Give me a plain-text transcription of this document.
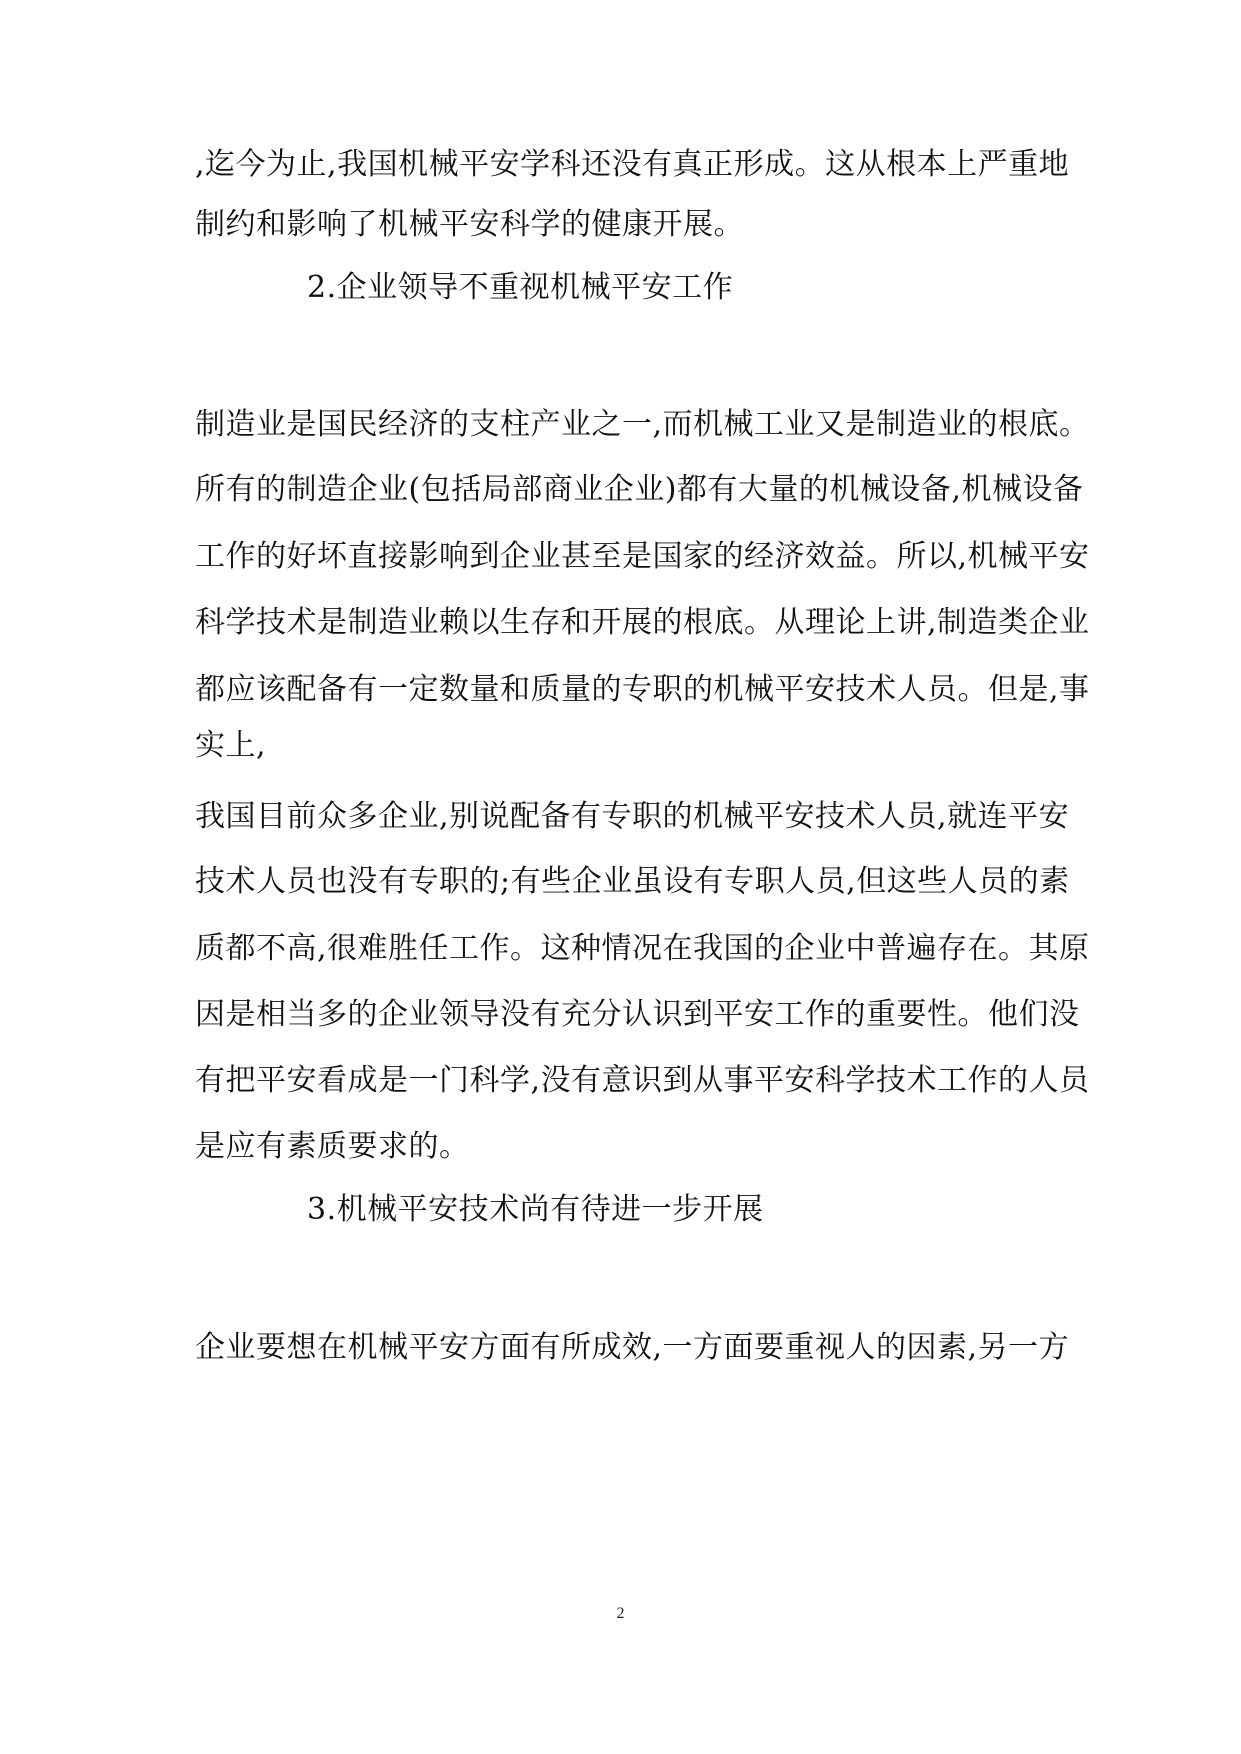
,迄今为止,我国机械平安学科还没有真正形成。这从根本上严重地
制约和影响了机械平安科学的健康开展。
2.企业领导不重视机械平安工作
制造业是国民经济的支柱产业之一,而机械工业又是制造业的根底。
所有的制造企业(包括局部商业企业)都有大量的机械设备,机械设备
工作的好坏直接影响到企业甚至是国家的经济效益。所以,机械平安
科学技术是制造业赖以生存和开展的根底。从理论上讲,制造类企业
都应该配备有一定数量和质量的专职的机械平安技术人员。但是,事
实上,
我国目前众多企业,别说配备有专职的机械平安技术人员,就连平安
技术人员也没有专职的;有些企业虽设有专职人员,但这些人员的素
质都不高,很难胜任工作。这种情况在我国的企业中普遍存在。其原
因是相当多的企业领导没有充分认识到平安工作的重要性。他们没
有把平安看成是一门科学,没有意识到从事平安科学技术工作的人员
是应有素质要求的。
3.机械平安技术尚有待进一步开展
企业要想在机械平安方面有所成效,一方面要重视人的因素,另一方
2
